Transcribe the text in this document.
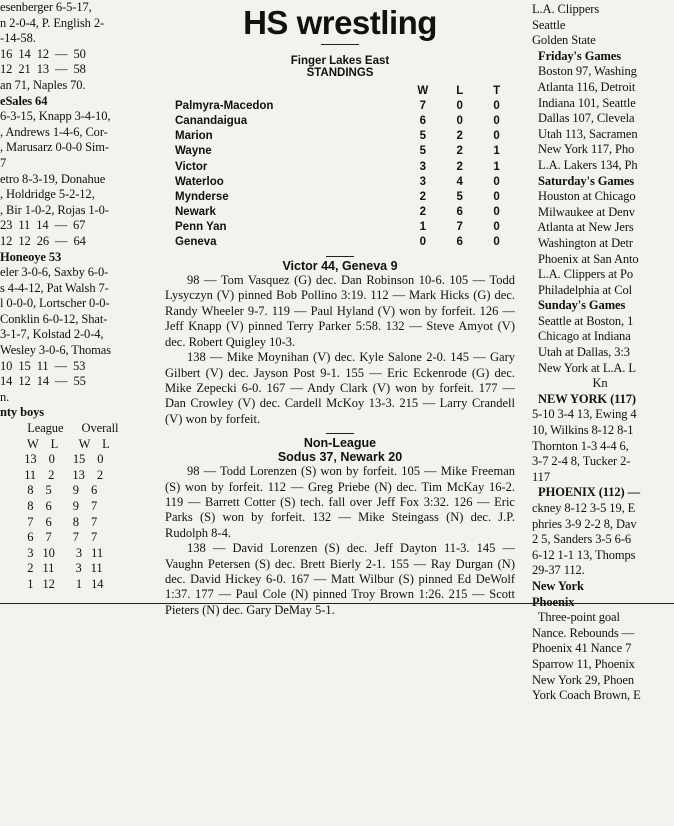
esenberger 6-5-17,
n 2-0-4, P. English 2-
-14-58.
16  14  12  —  50
12  21  13  —  58
an 71, Naples 70.
eSales 64
6-3-15, Knapp 3-4-10,
, Andrews 1-4-6, Cor-
, Marusarz 0-0-0 Sim-
7
etro 8-3-19, Donahue
, Holdridge 5-2-12,
, Bir 1-0-2, Rojas 1-0-
23  11  14  —  67
12  12  26  —  64
Honeoye 53
eler 3-0-6, Saxby 6-0-
s 4-4-12, Pat Walsh 7-
l 0-0-0, Lortscher 0-0-
Conklin 6-0-12, Shat-
3-1-7, Kolstad 2-0-4,
Wesley 3-0-6, Thomas
10  15  11  —  53
14  12  14  —  55
n.
nty boys
League      Overall
W    L       W    L
13    0      15    0
11    2      13    2
8    5       9    6
8    6       9    7
7    6       8    7
6    7       7    7
3   10       3   11
2   11       3   11
1   12       1   14
HS wrestling
Finger Lakes East
STANDINGS
	W	L	T
Palmyra-Macedon	7	0	0
Canandaigua	6	0	0
Marion	5	2	0
Wayne	5	2	1
Victor	3	2	1
Waterloo	3	4	0
Mynderse	2	5	0
Newark	2	6	0
Penn Yan	1	7	0
Geneva	0	6	0
Victor 44, Geneva 9
98 — Tom Vasquez (G) dec. Dan Robinson 10-6. 105 — Todd Lysyczyn (V) pinned Bob Pollino 3:19. 112 — Mark Hicks (G) dec. Randy Wheeler 9-7. 119 — Paul Hyland (V) won by forfeit. 126 — Jeff Knapp (V) pinned Terry Parker 5:58. 132 — Steve Amyot (V) dec. Robert Quigley 10-3.
138 — Mike Moynihan (V) dec. Kyle Salone 2-0. 145 — Gary Gilbert (V) dec. Jayson Post 9-1. 155 — Eric Eckenrode (G) dec. Mike Zepecki 6-0. 167 — Andy Clark (V) won by forfeit. 177 — Dan Crowley (V) dec. Cardell McKoy 13-3. 215 — Larry Crandell (V) won by forfeit.
Non-League
Sodus 37, Newark 20
98 — Todd Lorenzen (S) won by forfeit. 105 — Mike Freeman (S) won by forfeit. 112 — Greg Priebe (N) dec. Tim McKay 16-2. 119 — Barrett Cotter (S) tech. fall over Jeff Fox 3:32. 126 — Eric Parks (S) won by forfeit. 132 — Mike Steingass (N) dec. J.P. Rudolph 8-4.
138 — David Lorenzen (S) dec. Jeff Dayton 11-3. 145 — Vaughn Petersen (S) dec. Brett Bierly 2-1. 155 — Ray Durgan (N) dec. David Hickey 6-0. 167 — Matt Wilbur (S) pinned Ed DeWolf 1:37. 177 — Paul Cole (N) pinned Troy Brown 1:26. 215 — Scott Pieters (N) dec. Gary DeMay 5-1.
L.A. Clippers
Seattle
Golden State
Friday's Games
Boston 97, Washing
Atlanta 116, Detroit
Indiana 101, Seattle
Dallas 107, Clevela
Utah 113, Sacramen
New York 117, Pho
L.A. Lakers 134, Ph
Saturday's Games
Houston at Chicago
Milwaukee at Denv
Atlanta at New Jers
Washington at Detr
Phoenix at San Anto
L.A. Clippers at Po
Philadelphia at Col
Sunday's Games
Seattle at Boston, 1
Chicago at Indiana
Utah at Dallas, 3:3
New York at L.A. L
Kn
NEW YORK (117)
5-10 3-4 13, Ewing 4
10, Wilkins 8-12 8-1
Thornton 1-3 4-4 6,
3-7 2-4 8, Tucker 2-
117
PHOENIX (112) —
ckney 8-12 3-5 19, E
phries 3-9 2-2 8, Dav
2 5, Sanders 3-5 6-6
6-12 1-1 13, Thomps
29-37 112.
New York
Phoenix
Three-point goal
Nance. Rebounds —
Phoenix 41 Nance 7
Sparrow 11, Phoenix
New York 29, Phoen
York Coach Brown, E
